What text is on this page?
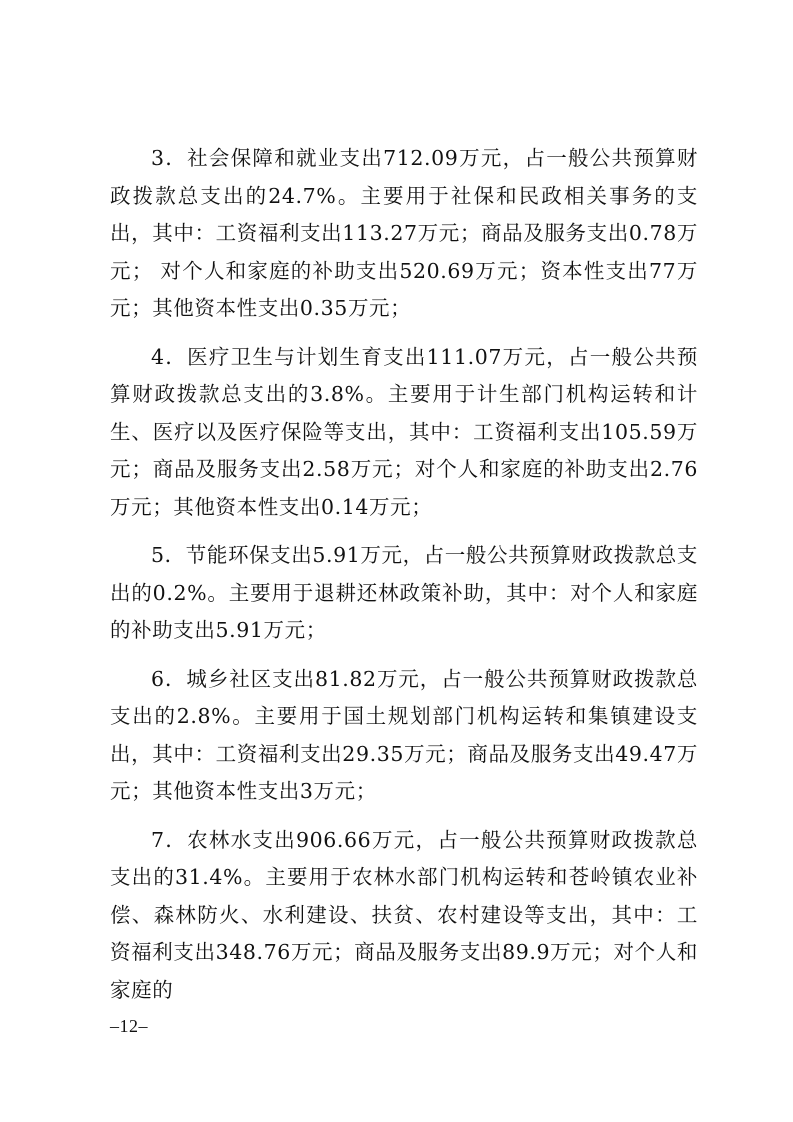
3．社会保障和就业支出712.09万元，占一般公共预算财政拨款总支出的24.7%。主要用于社保和民政相关事务的支出，其中：工资福利支出113.27万元；商品及服务支出0.78万元； 对个人和家庭的补助支出520.69万元；资本性支出77万元；其他资本性支出0.35万元；

4．医疗卫生与计划生育支出111.07万元，占一般公共预算财政拨款总支出的3.8%。主要用于计生部门机构运转和计生、医疗以及医疗保险等支出，其中：工资福利支出105.59万元；商品及服务支出2.58万元；对个人和家庭的补助支出2.76万元；其他资本性支出0.14万元；

5．节能环保支出5.91万元，占一般公共预算财政拨款总支出的0.2%。主要用于退耕还林政策补助，其中：对个人和家庭的补助支出5.91万元；

6．城乡社区支出81.82万元，占一般公共预算财政拨款总支出的2.8%。主要用于国土规划部门机构运转和集镇建设支出，其中：工资福利支出29.35万元；商品及服务支出49.47万元；其他资本性支出3万元；

7．农林水支出906.66万元，占一般公共预算财政拨款总支出的31.4%。主要用于农林水部门机构运转和苍岭镇农业补偿、森林防火、水利建设、扶贫、农村建设等支出，其中：工资福利支出348.76万元；商品及服务支出89.9万元；对个人和家庭的

–12–
